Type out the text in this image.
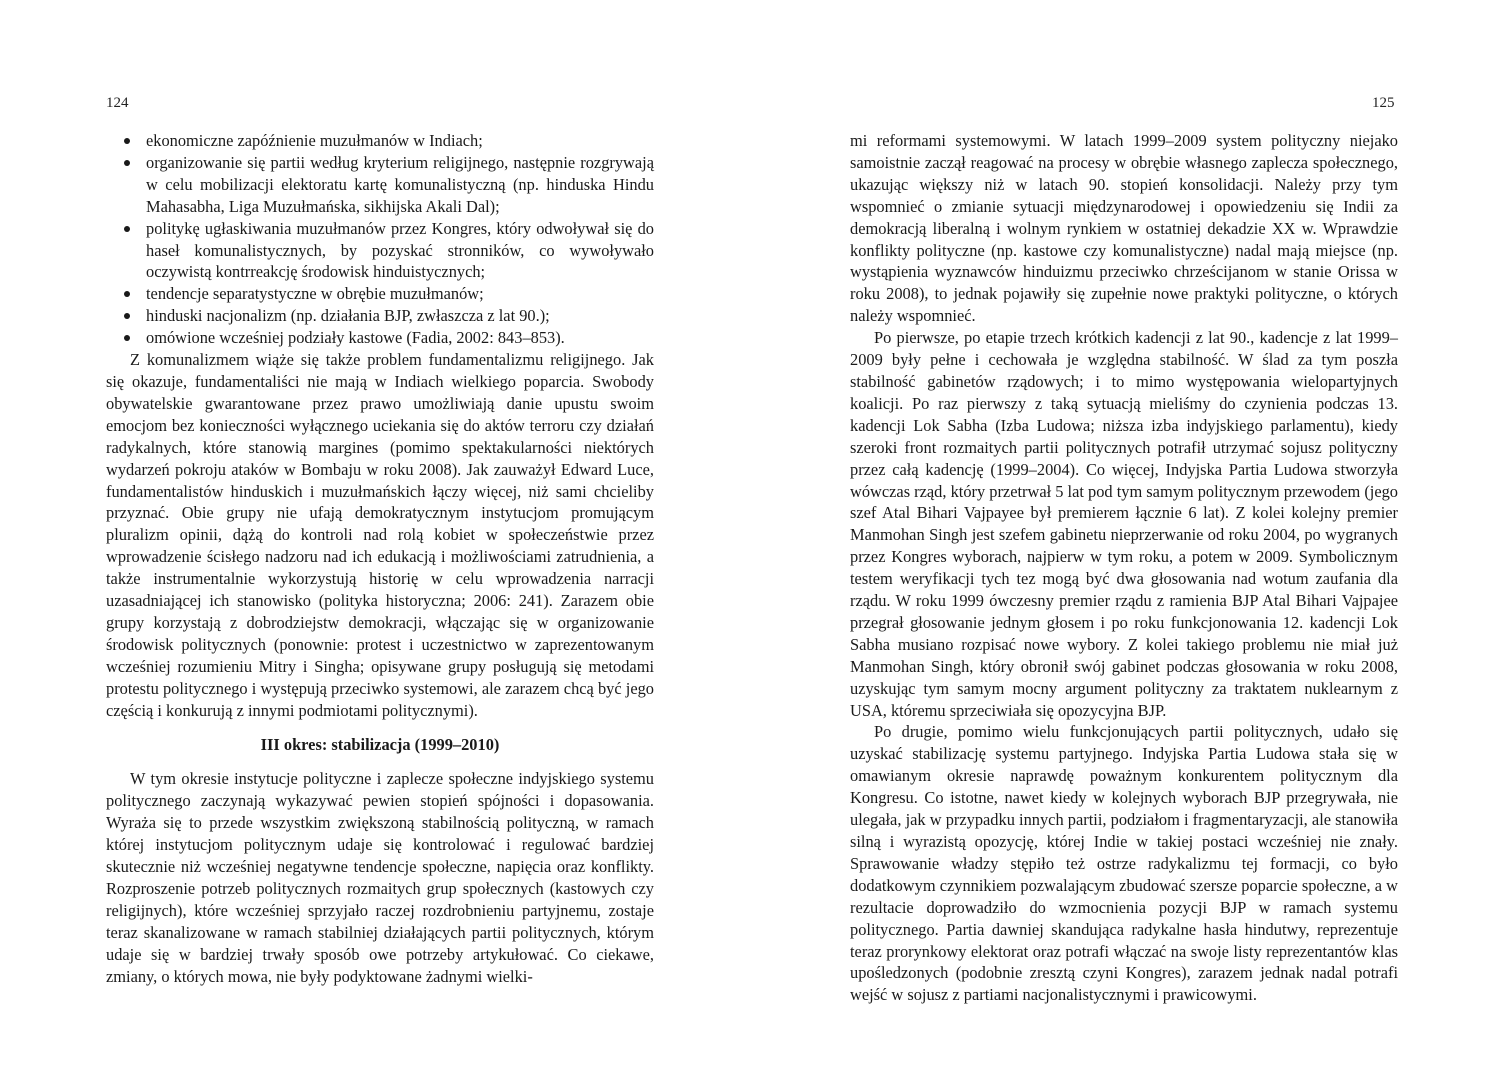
124	125
ekonomiczne zapóźnienie muzułmanów w Indiach;
organizowanie się partii według kryterium religijnego, następnie rozgrywają w celu mobilizacji elektoratu kartę komunalistyczną (np. hinduska Hindu Mahasabha, Liga Muzułmańska, sikhijska Akali Dal);
politykę ugłaskiwania muzułmanów przez Kongres, który odwoływał się do haseł komunalistycznych, by pozyskać stronników, co wywoływało oczywistą kontrreakcję środowisk hinduistycznych;
tendencje separatystyczne w obrębie muzułmanów;
hinduski nacjonalizm (np. działania BJP, zwłaszcza z lat 90.);
omówione wcześniej podziały kastowe (Fadia, 2002: 843–853).

Z komunalizmem wiąże się także problem fundamentalizmu religijnego. Jak się okazuje, fundamentaliści nie mają w Indiach wielkiego poparcia. Swobody obywatelskie gwarantowane przez prawo umożliwiają danie upustu swoim emocjom bez konieczności wyłącznego uciekania się do aktów terroru czy działań radykalnych, które stanowią margines (pomimo spektakularności niektórych wydarzeń pokroju ataków w Bombaju w roku 2008). Jak zauważył Edward Luce, fundamentalistów hinduskich i muzułmańskich łączy więcej, niż sami chcieliby przyznać. Obie grupy nie ufają demokratycznym instytucjom promującym pluralizm opinii, dążą do kontroli nad rolą kobiet w społeczeństwie przez wprowadzenie ścisłego nadzoru nad ich edukacją i możliwościami zatrudnienia, a także instrumentalnie wykorzystują historię w celu wprowadzenia narracji uzasadniającej ich stanowisko (polityka historyczna; 2006: 241). Zarazem obie grupy korzystają z dobrodziejstw demokracji, włączając się w organizowanie środowisk politycznych (ponownie: protest i uczestnictwo w zaprezentowanym wcześniej rozumieniu Mitry i Singha; opisywane grupy posługują się metodami protestu politycznego i występują przeciwko systemowi, ale zarazem chcą być jego częścią i konkurują z innymi podmiotami politycznymi).

III okres: stabilizacja (1999–2010)

W tym okresie instytucje polityczne i zaplecze społeczne indyjskiego systemu politycznego zaczynają wykazywać pewien stopień spójności i dopasowania. Wyraża się to przede wszystkim zwiększoną stabilnością polityczną, w ramach której instytucjom politycznym udaje się kontrolować i regulować bardziej skutecznie niż wcześniej negatywne tendencje społeczne, napięcia oraz konflikty. Rozproszenie potrzeb politycznych rozmaitych grup społecznych (kastowych czy religijnych), które wcześniej sprzyjało raczej rozdrobnieniu partyjnemu, zostaje teraz skanalizowane w ramach stabilniej działających partii politycznych, którym udaje się w bardziej trwały sposób owe potrzeby artykułować. Co ciekawe, zmiany, o których mowa, nie były podyktowane żadnymi wielki-

mi reformami systemowymi. W latach 1999–2009 system polityczny niejako samoistnie zaczął reagować na procesy w obrębie własnego zaplecza społecznego, ukazując większy niż w latach 90. stopień konsolidacji. Należy przy tym wspomnieć o zmianie sytuacji międzynarodowej i opowiedzeniu się Indii za demokracją liberalną i wolnym rynkiem w ostatniej dekadzie XX w. Wprawdzie konflikty polityczne (np. kastowe czy komunalistyczne) nadal mają miejsce (np. wystąpienia wyznawców hinduizmu przeciwko chrześcijanom w stanie Orissa w roku 2008), to jednak pojawiły się zupełnie nowe praktyki polityczne, o których należy wspomnieć.

Po pierwsze, po etapie trzech krótkich kadencji z lat 90., kadencje z lat 1999–2009 były pełne i cechowała je względna stabilność. W ślad za tym poszła stabilność gabinetów rządowych; i to mimo występowania wielopartyjnych koalicji. Po raz pierwszy z taką sytuacją mieliśmy do czynienia podczas 13. kadencji Lok Sabha (Izba Ludowa; niższa izba indyjskiego parlamentu), kiedy szeroki front rozmaitych partii politycznych potrafił utrzymać sojusz polityczny przez całą kadencję (1999–2004). Co więcej, Indyjska Partia Ludowa stworzyła wówczas rząd, który przetrwał 5 lat pod tym samym politycznym przewodem (jego szef Atal Bihari Vajpayee był premierem łącznie 6 lat). Z kolei kolejny premier Manmohan Singh jest szefem gabinetu nieprzerwanie od roku 2004, po wygranych przez Kongres wyborach, najpierw w tym roku, a potem w 2009. Symbolicznym testem weryfikacji tych tez mogą być dwa głosowania nad wotum zaufania dla rządu. W roku 1999 ówczesny premier rządu z ramienia BJP Atal Bihari Vajpajee przegrał głosowanie jednym głosem i po roku funkcjonowania 12. kadencji Lok Sabha musiano rozpisać nowe wybory. Z kolei takiego problemu nie miał już Manmohan Singh, który obronił swój gabinet podczas głosowania w roku 2008, uzyskując tym samym mocny argument polityczny za traktatem nuklearnym z USA, któremu sprzeciwiała się opozycyjna BJP.

Po drugie, pomimo wielu funkcjonujących partii politycznych, udało się uzyskać stabilizację systemu partyjnego. Indyjska Partia Ludowa stała się w omawianym okresie naprawdę poważnym konkurentem politycznym dla Kongresu. Co istotne, nawet kiedy w kolejnych wyborach BJP przegrywała, nie ulegała, jak w przypadku innych partii, podziałom i fragmentaryzacji, ale stanowiła silną i wyrazistą opozycję, której Indie w takiej postaci wcześniej nie znały. Sprawowanie władzy stępiło też ostrze radykalizmu tej formacji, co było dodatkowym czynnikiem pozwalającym zbudować szersze poparcie społeczne, a w rezultacie doprowadziło do wzmocnienia pozycji BJP w ramach systemu politycznego. Partia dawniej skandująca radykalne hasła hindutwy, reprezentuje teraz prorynkowy elektorat oraz potrafi włączać na swoje listy reprezentantów klas upośledzonych (podobnie zresztą czyni Kongres), zarazem jednak nadal potrafi wejść w sojusz z partiami nacjonalistycznymi i prawicowymi.
